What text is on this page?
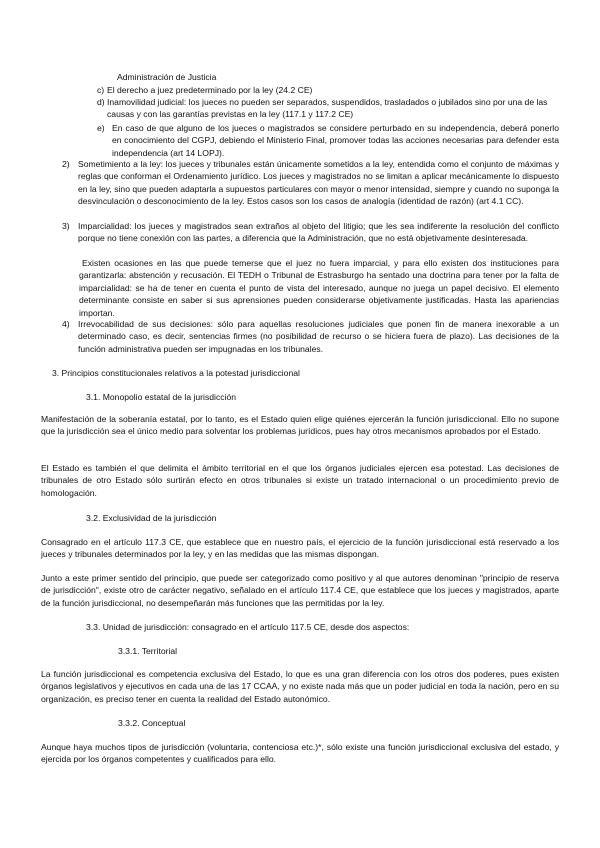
Administración de Justicia

c) El derecho a juez predeterminado por la ley (24.2 CE)
d) Inamovilidad judicial: los jueces no pueden ser separados, suspendidos, trasladados o jubilados sino por una de las causas y con las garantías previstas en la ley (117.1 y 117.2 CE)
e) En caso de que alguno de los jueces o magistrados se considere perturbado en su independencia, deberá ponerlo en conocimiento del CGPJ, debiendo el Ministerio Final, promover todas las acciones necesarias para defender esta independencia (art 14 LOPJ).
2) Sometimiento a la ley: los jueces y tribunales están únicamente sometidos a la ley, entendida como el conjunto de máximas y reglas que conforman el Ordenamiento jurídico. Los jueces y magistrados no se limitan a aplicar mecánicamente lo dispuesto en la ley, sino que pueden adaptarla a supuestos particulares con mayor o menor intensidad, siempre y cuando no suponga la desvinculación o desconocimiento de la ley. Estos casos son los casos de analogía (identidad de razón) (art 4.1 CC).
3) Imparcialidad: los jueces y magistrados sean extraños al objeto del litigio; que les sea indiferente la resolución del conflicto porque no tiene conexión con las partes, a diferencia que la Administración, que no está objetivamente desinteresada.

Existen ocasiones en las que puede temerse que el juez no fuera imparcial, y para ello existen dos instituciones para garantizarla: abstención y recusación. El TEDH o Tribunal de Estrasburgo ha sentado una doctrina para tener por la falta de imparcialidad: se ha de tener en cuenta el punto de vista del interesado, aunque no juega un papel decisivo. El elemento determinante consiste en saber si sus aprensiones pueden considerarse objetivamente justificadas. Hasta las apariencias importan.

4) Irrevocabilidad de sus decisiones: sólo para aquellas resoluciones judiciales que ponen fin de manera inexorable a un determinado caso, es decir, sentencias firmes (no posibilidad de recurso o se hiciera fuera de plazo). Las decisiones de la función administrativa pueden ser impugnadas en los tribunales.

3. Principios constitucionales relativos a la potestad jurisdiccional

3.1. Monopolio estatal de la jurisdicción

Manifestación de la soberanía estatal, por lo tanto, es el Estado quien elige quiénes ejercerán la función jurisdiccional. Ello no supone que la jurisdicción sea el único medio para solventar los problemas jurídicos, pues hay otros mecanismos aprobados por el Estado.

El Estado es también el que delimita el ámbito territorial en el que los órganos judiciales ejercen esa potestad. Las decisiones de tribunales de otro Estado sólo surtirán efecto en otros tribunales si existe un tratado internacional o un procedimiento previo de homologación.

3.2. Exclusividad de la jurisdicción

Consagrado en el artículo 117.3 CE, que establece que en nuestro país, el ejercicio de la función jurisdiccional está reservado a los jueces y tribunales determinados por la ley, y en las medidas que las mismas dispongan.

Junto a este primer sentido del principio, que puede ser categorizado como positivo y al que autores denominan "principio de reserva de jurisdicción", existe otro de carácter negativo, señalado en el artículo 117.4 CE, que establece que los jueces y magistrados, aparte de la función jurisdiccional, no desempeñarán más funciones que las permitidas por la ley.

3.3. Unidad de jurisdicción: consagrado en el artículo 117.5 CE, desde dos aspectos:

3.3.1. Territorial

La función jurisdiccional es competencia exclusiva del Estado, lo que es una gran diferencia con los otros dos poderes, pues existen órganos legislativos y ejecutivos en cada una de las 17 CCAA, y no existe nada más que un poder judicial en toda la nación, pero en su organización, es preciso tener en cuenta la realidad del Estado autonómico.

3.3.2. Conceptual

Aunque haya muchos tipos de jurisdicción (voluntaria, contenciosa etc.)*, sólo existe una función jurisdiccional exclusiva del estado, y ejercida por los órganos competentes y cualificados para ello.
